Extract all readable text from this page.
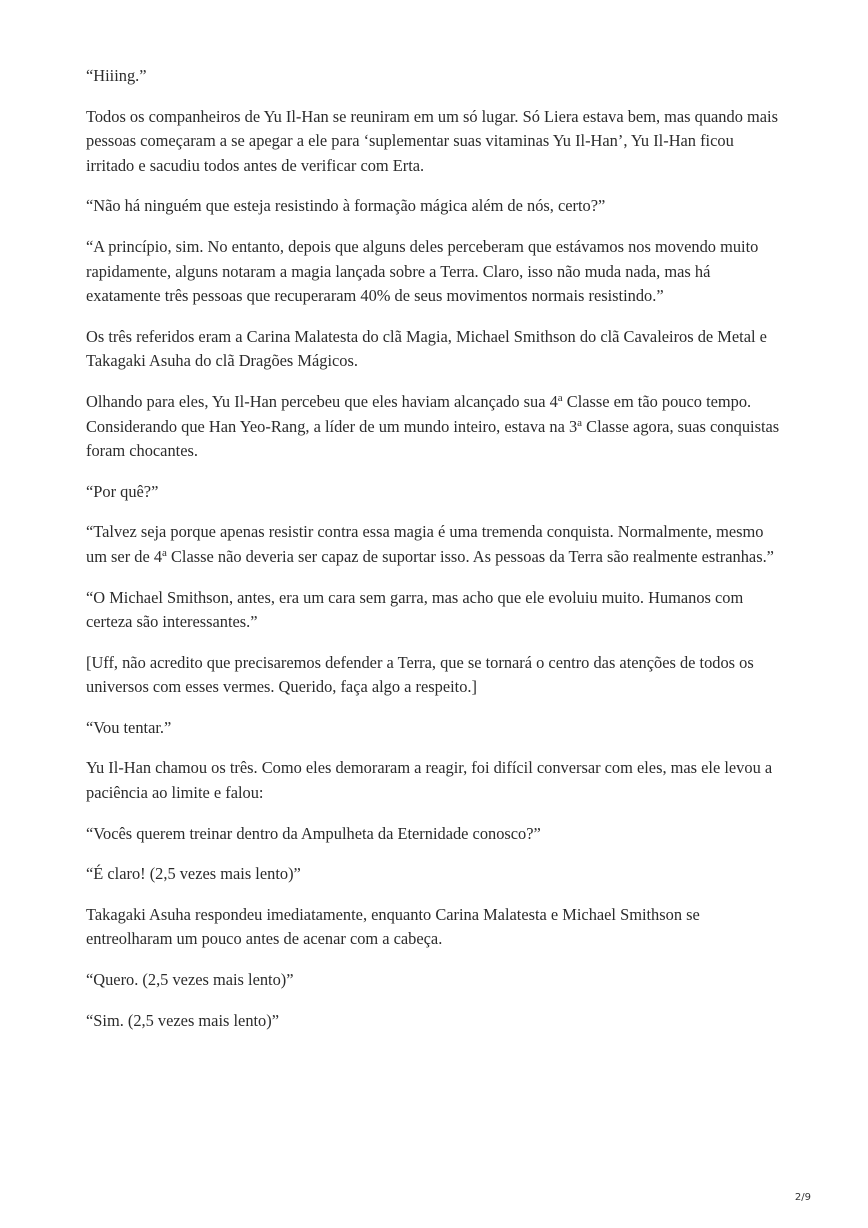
“Hiiing.”

Todos os companheiros de Yu Il-Han se reuniram em um só lugar. Só Liera estava bem, mas quando mais pessoas começaram a se apegar a ele para ‘suplementar suas vitaminas Yu Il-Han’, Yu Il-Han ficou irritado e sacudiu todos antes de verificar com Erta.

“Não há ninguém que esteja resistindo à formação mágica além de nós, certo?”

“A princípio, sim. No entanto, depois que alguns deles perceberam que estávamos nos movendo muito rapidamente, alguns notaram a magia lançada sobre a Terra. Claro, isso não muda nada, mas há exatamente três pessoas que recuperaram 40% de seus movimentos normais resistindo.”

Os três referidos eram a Carina Malatesta do clã Magia, Michael Smithson do clã Cavaleiros de Metal e Takagaki Asuha do clã Dragões Mágicos.

Olhando para eles, Yu Il-Han percebeu que eles haviam alcançado sua 4$^a$ Classe em tão pouco tempo. Considerando que Han Yeo-Rang, a líder de um mundo inteiro, estava na 3$^a$ Classe agora, suas conquistas foram chocantes.

“Por quê?”

“Talvez seja porque apenas resistir contra essa magia é uma tremenda conquista. Normalmente, mesmo um ser de 4$^a$ Classe não deveria ser capaz de suportar isso. As pessoas da Terra são realmente estranhas.”

“O Michael Smithson, antes, era um cara sem garra, mas acho que ele evoluiu muito. Humanos com certeza são interessantes.”

[Uff, não acredito que precisaremos defender a Terra, que se tornará o centro das atenções de todos os universos com esses vermes. Querido, faça algo a respeito.]

“Vou tentar.”

Yu Il-Han chamou os três. Como eles demoraram a reagir, foi difícil conversar com eles, mas ele levou a paciência ao limite e falou:

“Vocês querem treinar dentro da Ampulheta da Eternidade conosco?”

“É claro! (2,5 vezes mais lento)”

Takagaki Asuha respondeu imediatamente, enquanto Carina Malatesta e Michael Smithson se entreolharam um pouco antes de acenar com a cabeça.

“Quero. (2,5 vezes mais lento)”

“Sim. (2,5 vezes mais lento)”

2/9
